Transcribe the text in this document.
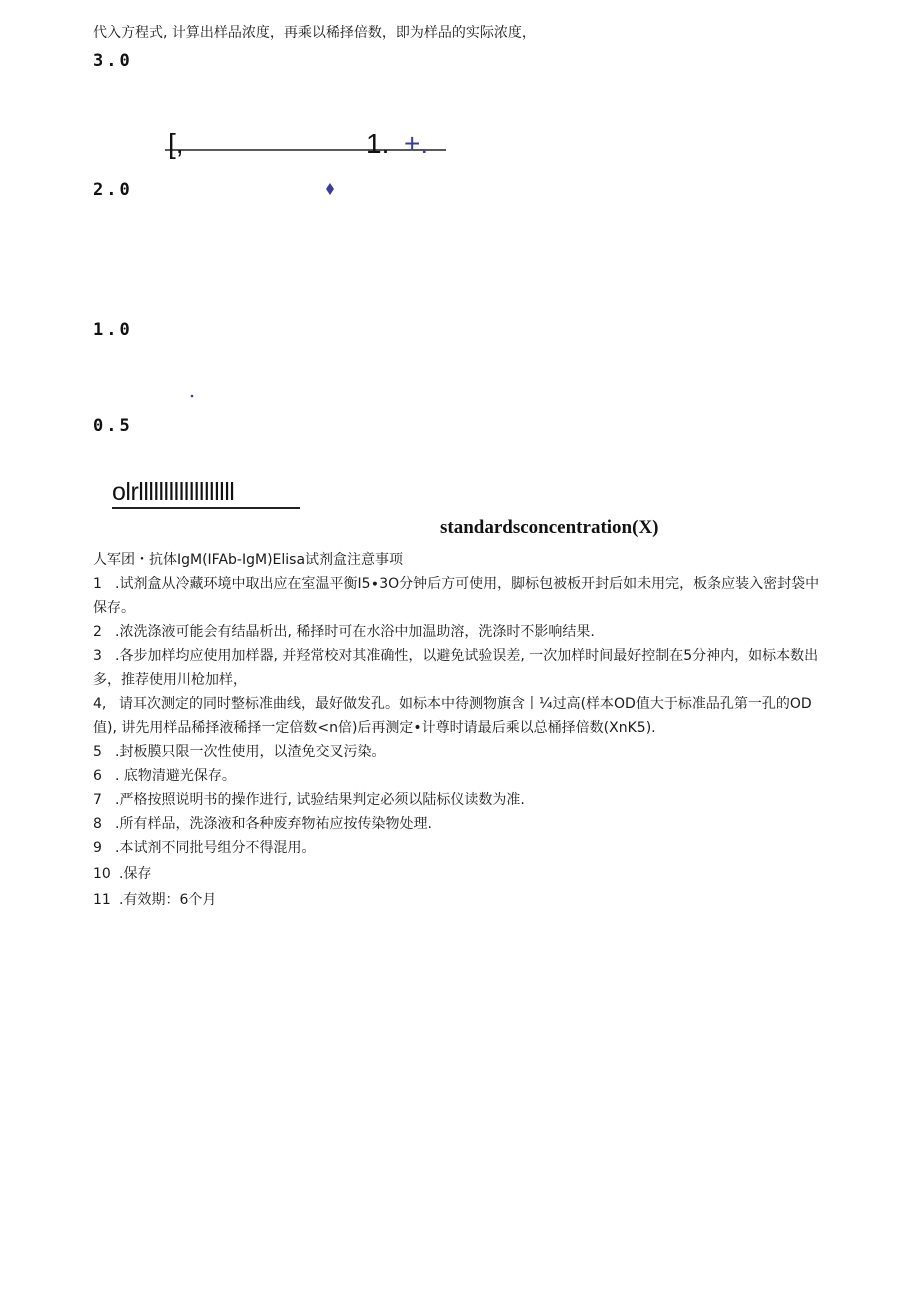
代入方程式, 计算出样品浓度，再乘以稀择倍数，即为样品的实际浓度，
3.0
2.0
1.0
0.5
[,	1. +.
olrlllllllllllllllllll
standardsconcentration(X)
人军团・抗体IgM(IFAb-IgM)Elisa试剂盒注意事项
1 .试剂盒从冷藏环境中取出应在室温平衡I5∙3O分钟后方可使用，脚标包被板开封后如未用完，板条应装入密封袋中保存。
2 .浓洗涤液可能会有结晶析出, 稀择时可在水浴中加温助溶，洗涤时不影响结果.
3 .各步加样均应使用加样器, 并羟常校对其准确性，以避免试验误差, 一次加样时间最好控制在5分神内，如标本数出多，推荐使用川枪加样，
4, 请耳次测定的同时整标准曲线，最好做发孔。如标本中待测物旗含丨¼过高(样本OD值大于标准品孔第一孔的OD值), 讲先用样品稀择液稀择一定倍数<n倍)后再测定•计尊时请最后乘以总桶择倍数(XnK5).
5 .封板膜只限一次性使用，以渣免交叉污染。
6 . 底物清避光保存。
7 .严格按照说明书的操作进行, 试验结果判定必须以陆标仪读数为准.
8 .所有样品，洗涤液和各种废弃物祐应按传染物处理.
9 .本试剂不同批号组分不得混用。
10 .保存
11 .有效期：6个月
